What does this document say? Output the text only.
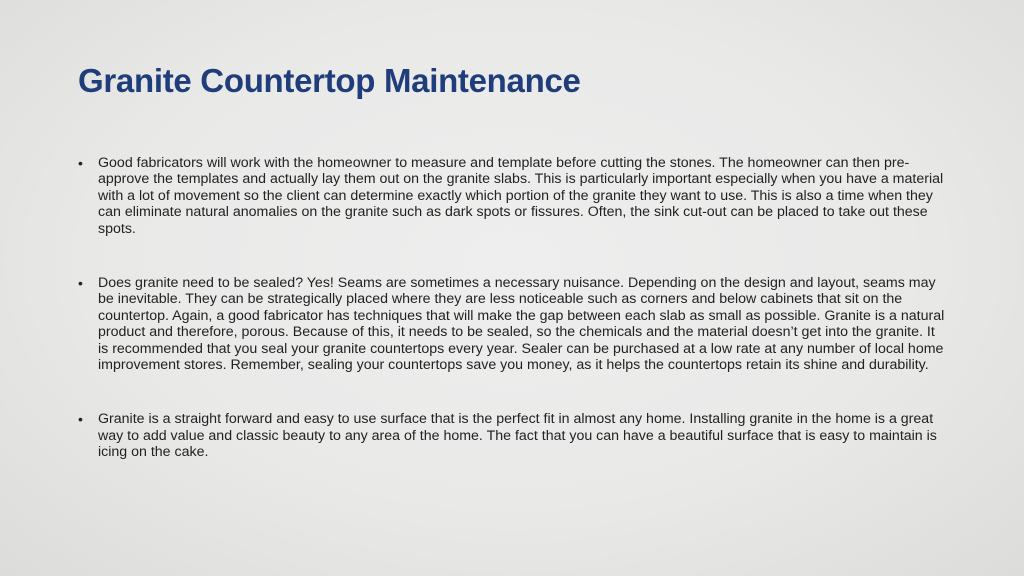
Granite Countertop Maintenance
• Good fabricators will work with the homeowner to measure and template before cutting the stones. The homeowner can then pre-approve the templates and actually lay them out on the granite slabs. This is particularly important especially when you have a material with a lot of movement so the client can determine exactly which portion of the granite they want to use. This is also a time when they can eliminate natural anomalies on the granite such as dark spots or fissures. Often, the sink cut-out can be placed to take out these spots.
• Does granite need to be sealed? Yes! Seams are sometimes a necessary nuisance. Depending on the design and layout, seams may be inevitable. They can be strategically placed where they are less noticeable such as corners and below cabinets that sit on the countertop. Again, a good fabricator has techniques that will make the gap between each slab as small as possible. Granite is a natural product and therefore, porous. Because of this, it needs to be sealed, so the chemicals and the material doesn’t get into the granite. It is recommended that you seal your granite countertops every year. Sealer can be purchased at a low rate at any number of local home improvement stores. Remember, sealing your countertops save you money, as it helps the countertops retain its shine and durability.
• Granite is a straight forward and easy to use surface that is the perfect fit in almost any home. Installing granite in the home is a great way to add value and classic beauty to any area of the home. The fact that you can have a beautiful surface that is easy to maintain is icing on the cake.
